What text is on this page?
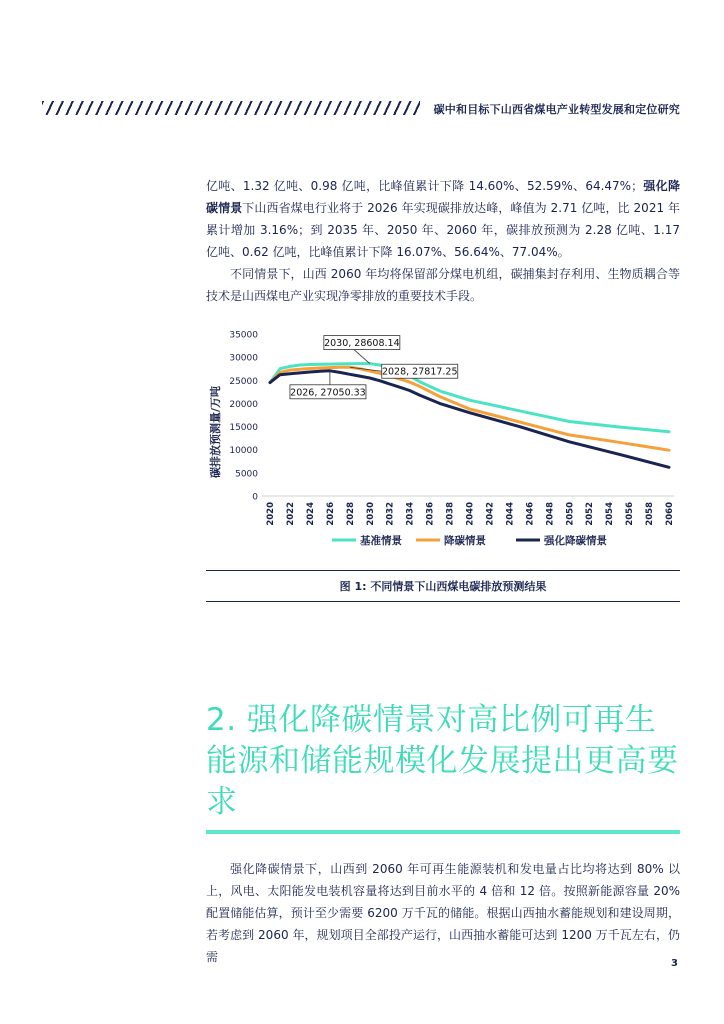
碳中和目标下山西省煤电产业转型发展和定位研究

亿吨、1.32 亿吨、0.98 亿吨，比峰值累计下降 14.60%、52.59%、64.47%；强化降碳情景下山西省煤电行业将于 2026 年实现碳排放达峰，峰值为 2.71 亿吨，比 2021 年累计增加 3.16%；到 2035 年、2050 年、2060 年，碳排放预测为 2.28 亿吨、1.17 亿吨、0.62 亿吨，比峰值累计下降 16.07%、56.64%、77.04%。

不同情景下，山西 2060 年均将保留部分煤电机组，碳捕集封存利用、生物质耦合等技术是山西煤电产业实现净零排放的重要技术手段。

碳排放预测量/万吨
0
5000
10000
15000
20000
25000
30000
35000
2020 2022 2024 2026 2028 2030 2032 2034 2036 2038 2040 2042 2044 2046 2048 2050 2052 2054 2056 2058 2060
2030, 28608.14
2028, 27817.25
2026, 27050.33
基准情景	降碳情景	强化降碳情景
图 1: 不同情景下山西煤电碳排放预测结果
2. 强化降碳情景对高比例可再生能源和储能规模化发展提出更高要求

强化降碳情景下，山西到 2060 年可再生能源装机和发电量占比均将达到 80% 以上，风电、太阳能发电装机容量将达到目前水平的 4 倍和 12 倍。按照新能源容量 20% 配置储能估算，预计至少需要 6200 万千瓦的储能。根据山西抽水蓄能规划和建设周期，若考虑到 2060 年，规划项目全部投产运行，山西抽水蓄能可达到 1200 万千瓦左右，仍需	3
